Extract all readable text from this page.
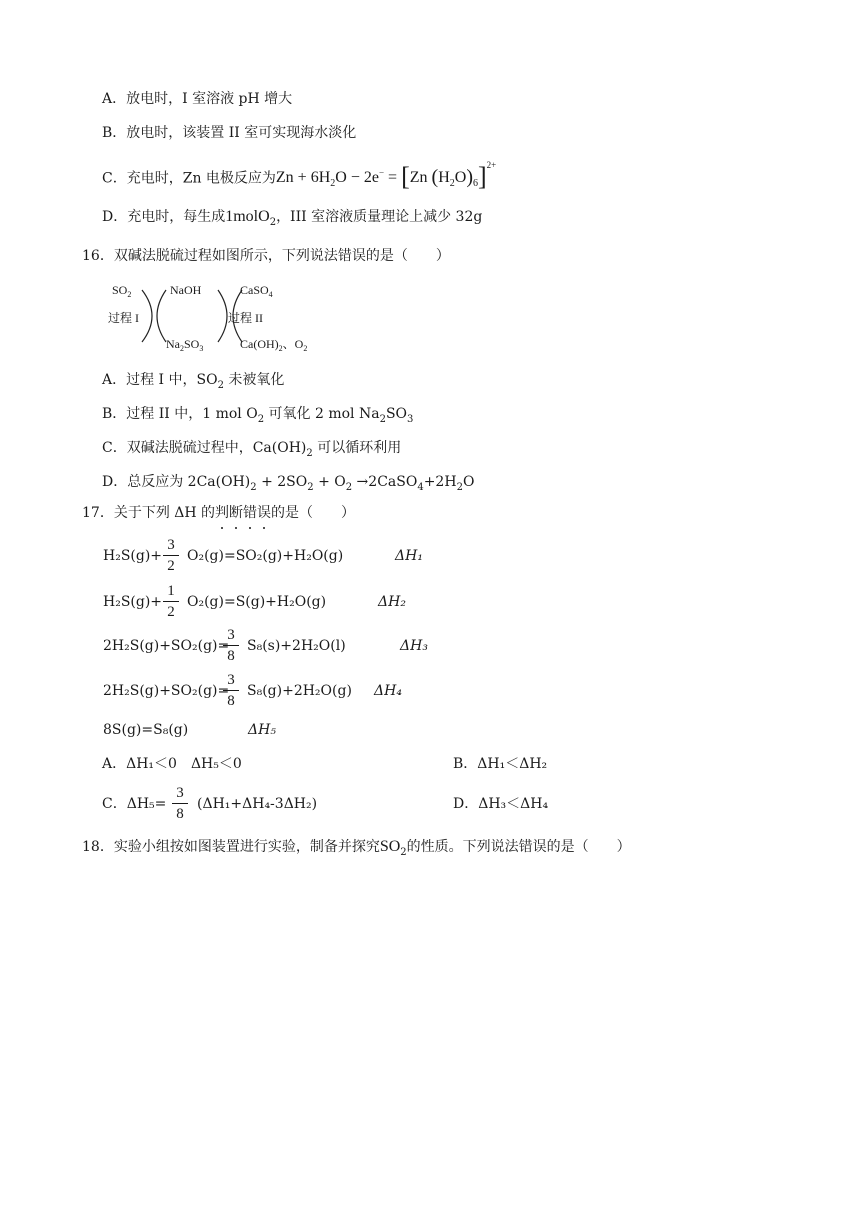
A．放电时，I 室溶液 pH 增大
B．放电时，该装置 II 室可实现海水淡化
C．充电时，Zn 电极反应为$Zn + 6H_2O - 2e^- = [Zn$ $(H_2O)_6]^{2+}$
D．充电时，每生成1molO$_2$，III 室溶液质量理论上减少 32g
16．双碱法脱硫过程如图所示，下列说法错误的是（　　）
$SO_2$
过程 I
NaOH
$Na_2SO_3$
过程 II
CaSO$_4$
$Ca(OH)_2$、$O_2$
A．过程 I 中，$SO_2$ 未被氧化
B．过程 II 中，1 mol $O_2$ 可氧化 2 mol $Na_2SO_3$
C．双碱法脱硫过程中，$Ca(OH)_2$ 可以循环利用
D．总反应为 $2Ca(OH)_2 + 2SO_2 + O_2$ $\to 2CaSO_4+2H_2O$
17．关于下列 ΔH 的判断错误
的是（　　）
H₂S(g)+
3
2
O₂(g)=SO₂(g)+H₂O(g)	ΔH₁
H₂S(g)+
1
2
O₂(g)=S(g)+H₂O(g)	ΔH₂
2H₂S(g)+SO₂(g)=
3
8
S₈(s)+2H₂O(l)	ΔH₃
2H₂S(g)+SO₂(g)=
3
8
S₈(g)+2H₂O(g) ΔH₄
8S(g)=S₈(g)	ΔH₅
A．ΔH₁＜0　ΔH₅＜0	B．ΔH₁＜ΔH₂
C．ΔH₅=
3
8
(ΔH₁+ΔH₄-3ΔH₂)	D．ΔH₃＜ΔH₄
18．实验小组按如图装置进行实验，制备并探究$SO_2$的性质。下列说法错误的是（　　）
